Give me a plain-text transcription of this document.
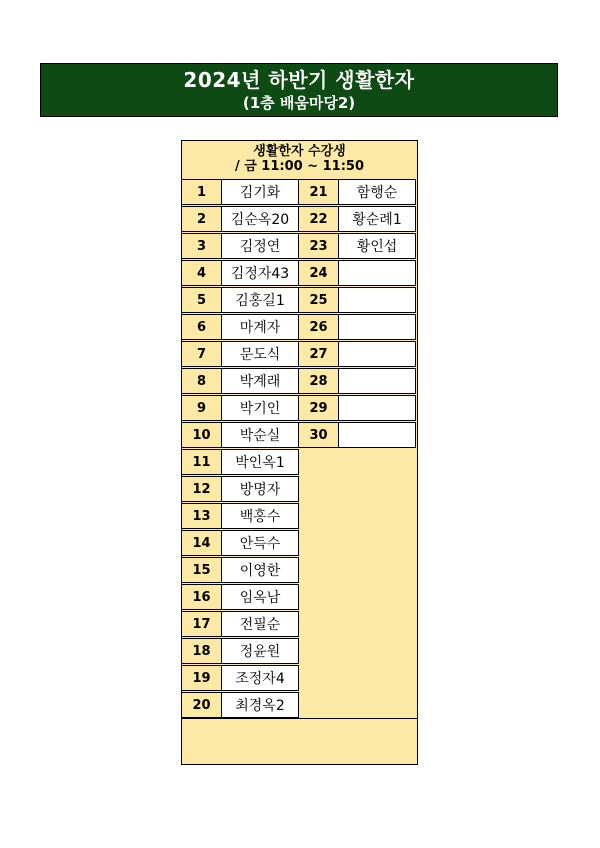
2024년 하반기 생활한자
(1층 배움마당2)
생활한자 수강생
/ 금 11:00 ~ 11:50
1	김기화
2	김순옥20
3	김정연
4	김정자43
5	김홍길1
6	마계자
7	문도식
8	박계래
9	박기인
10	박순실
11	박인옥1
12	방명자
13	백홍수
14	안득수
15	이영한
16	임옥남
17	전필순
18	정윤원
19	조정자4
20	최경옥2
21	함행순
22	황순례1
23	황인섭
24
25
26
27
28
29
30
